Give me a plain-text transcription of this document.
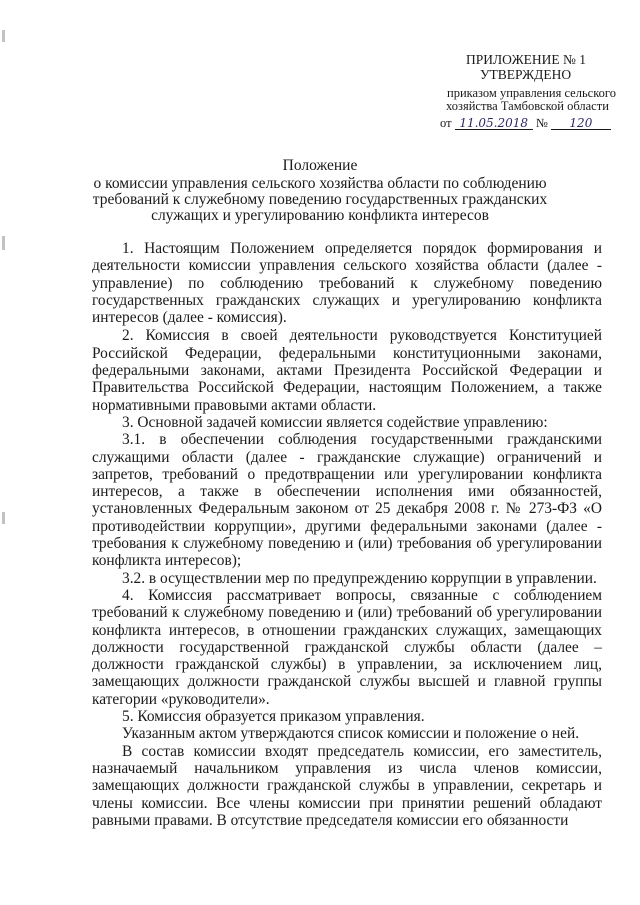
ПРИЛОЖЕНИЕ № 1
УТВЕРЖДЕНО
приказом управления сельского
хозяйства Тамбовской области
от 11.05.2018 № 120
Положение
о комиссии управления сельского хозяйства области по соблюдению
требований к служебному поведению государственных гражданских
служащих и урегулированию конфликта интересов

1. Настоящим Положением определяется порядок формирования и деятельности комиссии управления сельского хозяйства области (далее - управление) по соблюдению требований к служебному поведению государственных гражданских служащих и урегулированию конфликта интересов (далее - комиссия).

2. Комиссия в своей деятельности руководствуется Конституцией Российской Федерации, федеральными конституционными законами, федеральными законами, актами Президента Российской Федерации и Правительства Российской Федерации, настоящим Положением, а также нормативными правовыми актами области.

3. Основной задачей комиссии является содействие управлению:

3.1. в обеспечении соблюдения государственными гражданскими служащими области (далее - гражданские служащие) ограничений и запретов, требований о предотвращении или урегулировании конфликта интересов, а также в обеспечении исполнения ими обязанностей, установленных Федеральным законом от 25 декабря 2008 г. № 273-ФЗ «О противодействии коррупции», другими федеральными законами (далее - требования к служебному поведению и (или) требования об урегулировании конфликта интересов);

3.2. в осуществлении мер по предупреждению коррупции в управлении.

4. Комиссия рассматривает вопросы, связанные с соблюдением требований к служебному поведению и (или) требований об урегулировании конфликта интересов, в отношении гражданских служащих, замещающих должности государственной гражданской службы области (далее – должности гражданской службы) в управлении, за исключением лиц, замещающих должности гражданской службы высшей и главной группы категории «руководители».

5. Комиссия образуется приказом управления.

Указанным актом утверждаются список комиссии и положение о ней.

В состав комиссии входят председатель комиссии, его заместитель, назначаемый начальником управления из числа членов комиссии, замещающих должности гражданской службы в управлении, секретарь и члены комиссии. Все члены комиссии при принятии решений обладают равными правами. В отсутствие председателя комиссии его обязанности
